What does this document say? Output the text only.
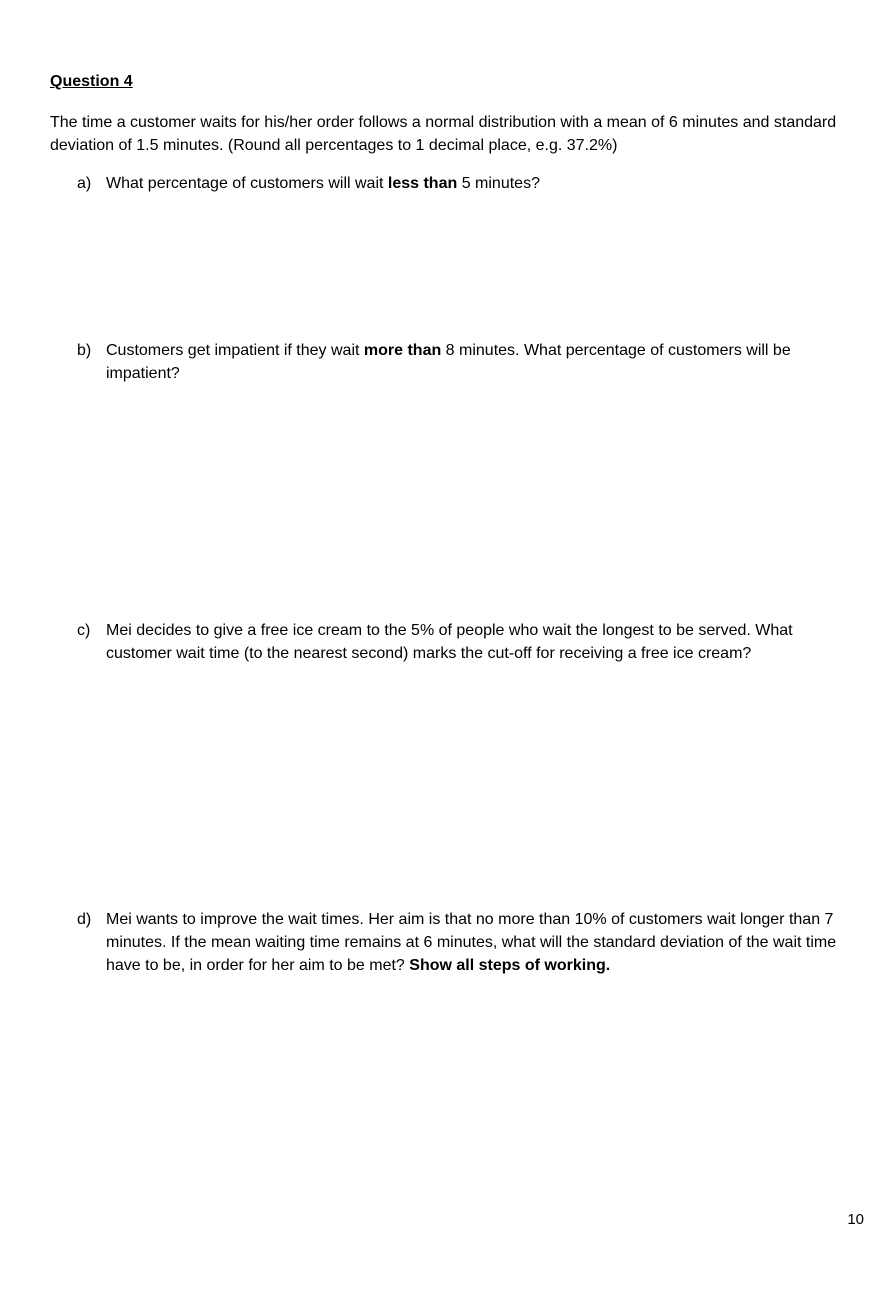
Question 4

The time a customer waits for his/her order follows a normal distribution with a mean of 6 minutes and standard deviation of 1.5 minutes. (Round all percentages to 1 decimal place, e.g. 37.2%)

a) What percentage of customers will wait less than 5 minutes?
b) Customers get impatient if they wait more than 8 minutes. What percentage of customers will be impatient?
c) Mei decides to give a free ice cream to the 5% of people who wait the longest to be served. What customer wait time (to the nearest second) marks the cut-off for receiving a free ice cream?
d) Mei wants to improve the wait times. Her aim is that no more than 10% of customers wait longer than 7 minutes. If the mean waiting time remains at 6 minutes, what will the standard deviation of the wait time have to be, in order for her aim to be met? Show all steps of working.
10
